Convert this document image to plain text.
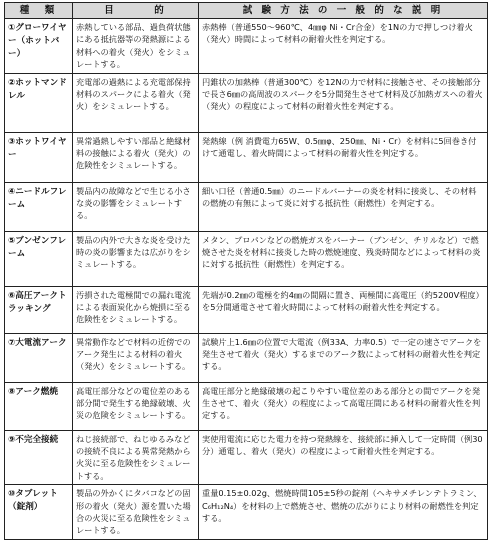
種　類	目　　　的	試 験 方 法 の 一 般 的 な 説 明
①グローワイヤー（ホットバー）	赤熱している部品、過負荷状態にある抵抗器等の発熱源による材料への着火（発火）をシミュレートする。	赤熱棒（普通550～960℃、4㎜φ Ni・Cr合金）を1Nの力で押しつけ着火（発火）時間によって材料の耐着火性を判定する。
②ホットマンドレル	充電部の過熱による充電部保持材料のスパークによる着火（発火）をシミュレートする。	円錐状の加熱棒（普通300℃）を12Nの力で材料に接触させ、その接触部分で長さ6㎜の高周波のスパークを5分間発生させて材料及び加熱ガスへの着火（発火）の程度によって材料の耐着火性を判定する。
③ホットワイヤー	異常過熱しやすい部品と絶縁材料の接触による着火（発火）の危険性をシミュレートする。	発熱線（例 消費電力65W、0.5㎜φ、250㎜、Ni・Cr）を材料に5回巻き付けて通電し、着火時間によって材料の耐着火性を判定する。
④ニードルフレーム	製品内の故障などで生じる小さな炎の影響をシミュレートする。	細い口径（普通0.5㎜）のニードルバーナーの炎を材料に接炎し、その材料の燃焼の有無によって炎に対する抵抗性（耐燃性）を判定する。
⑤ブンゼンフレーム	製品の内外で大きな炎を受けた時の炎の影響または広がりをシミュレートする。	メタン、プロパンなどの燃焼ガスをバーナー（ブンゼン、チリルなど）で燃焼させた炎を材料に接炎した時の燃焼速度、残炎時間などによって材料の炎に対する抵抗性（耐燃性）を判定する。
⑥高圧アークトラッキング	汚損された電極間での漏れ電流による表面炭化から焼損に至る危険性をシミュレートする。	先端が0.2㎜の電極を約4㎜の間隔に置き、両極間に高電圧（約5200V程度）を5分間通電させて着火時間によって材料の耐着火性を判定する。
⑦大電流アーク	異常動作などで材料の近傍でのアーク発生による材料の着火（発火）をシミュレートする。	試験片上1.6㎜の位置で大電流（例33A、力率0.5）で一定の速さでアークを発生させて着火（発火）するまでのアーク数によって材料の耐着火性を判定する。
⑧アーク燃焼	高電圧部分などの電位差のある部分間で発生する絶縁破壊、火災の危険をシミュレートする。	高電圧部分と絶縁破壊の起こりやすい電位差のある部分との間でアークを発生させて、着火（発火）の程度によって高電圧間にある材料の耐着火性を判定する。
⑨不完全接続	ねじ接続部で、ねじゆるみなどの接続不良による異常発熱から火災に至る危険性をシミュレートする。	実使用電流に応じた電力を持つ発熱線を、接続部に挿入して一定時間（例30分）通電し、着火（発火）の程度によって耐着火性を判定する。
⑩タブレット（錠剤）	製品の外かくにタバコなどの固形の着火（発火）源を置いた場合の火災に至る危険性をシミュレートする。	重量0.15±0.02g、燃焼時間105±5秒の錠剤（ヘキサメチレンテトラミン、C₆H₁₂N₄）を材料の上で燃焼させ、燃焼の広がりにより材料の耐燃性を判定する。
